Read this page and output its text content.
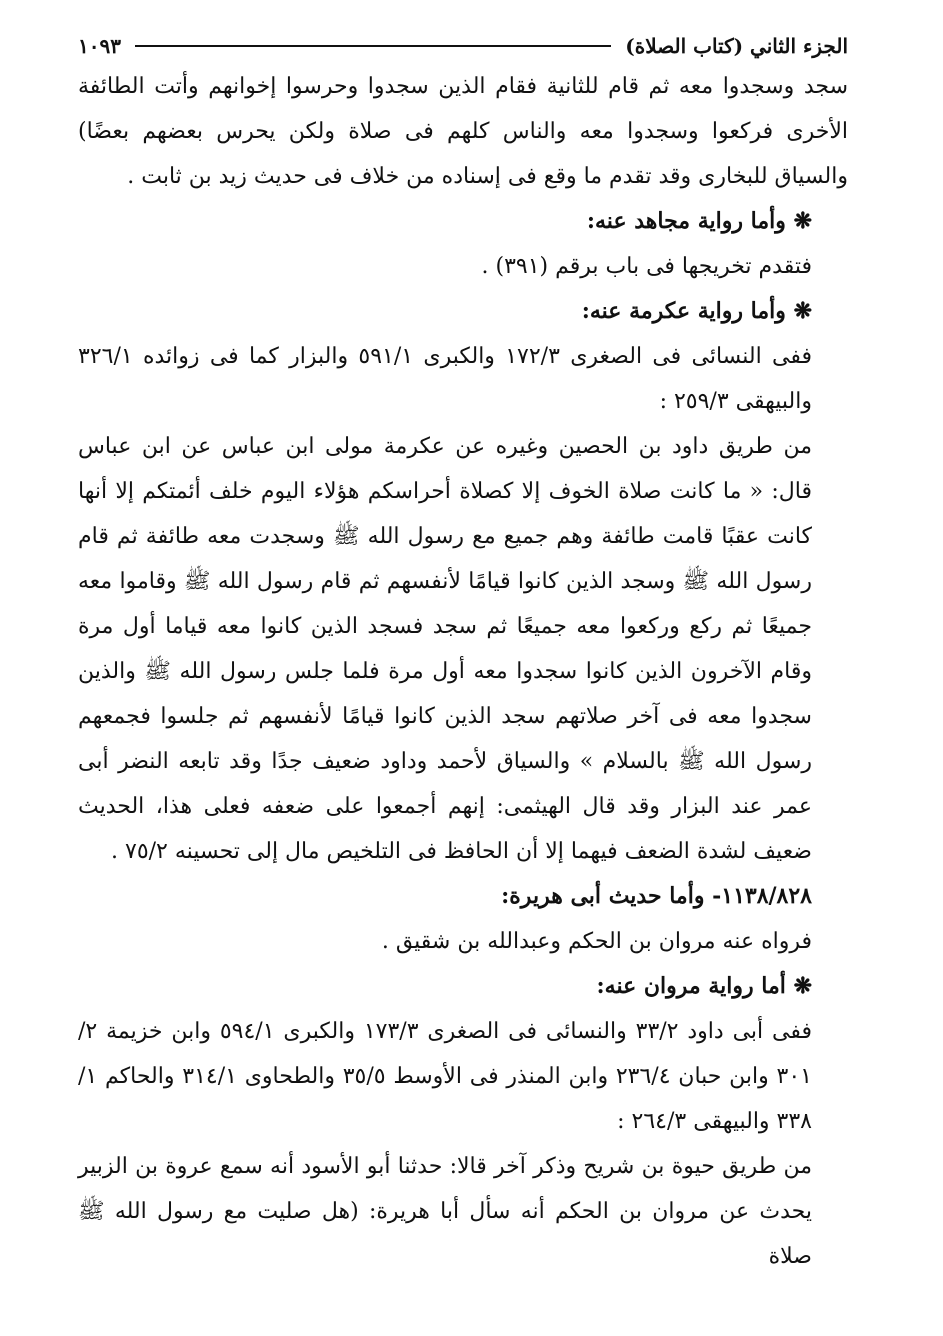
الجزء الثاني (كتاب الصلاة)
١٠٩٣

سجد وسجدوا معه ثم قام للثانية فقام الذين سجدوا وحرسوا إخوانهم وأتت الطائفة الأخرى فركعوا وسجدوا معه والناس كلهم فى صلاة ولكن يحرس بعضهم بعضًا) والسياق للبخارى وقد تقدم ما وقع فى إسناده من خلاف فى حديث زيد بن ثابت .

❋ وأما رواية مجاهد عنه:

فتقدم تخريجها فى باب برقم (٣٩١) .

❋ وأما رواية عكرمة عنه:

ففى النسائى فى الصغرى ١٧٢/٣ والكبرى ٥٩١/١ والبزار كما فى زوائده ٣٢٦/١ والبيهقى ٢٥٩/٣ :

من طريق داود بن الحصين وغيره عن عكرمة مولى ابن عباس عن ابن عباس قال: « ما كانت صلاة الخوف إلا كصلاة أحراسكم هؤلاء اليوم خلف أئمتكم إلا أنها كانت عقبًا قامت طائفة وهم جميع مع رسول الله ﷺ وسجدت معه طائفة ثم قام رسول الله ﷺ وسجد الذين كانوا قيامًا لأنفسهم ثم قام رسول الله ﷺ وقاموا معه جميعًا ثم ركع وركعوا معه جميعًا ثم سجد فسجد الذين كانوا معه قياما أول مرة وقام الآخرون الذين كانوا سجدوا معه أول مرة فلما جلس رسول الله ﷺ والذين سجدوا معه فى آخر صلاتهم سجد الذين كانوا قيامًا لأنفسهم ثم جلسوا فجمعهم رسول الله ﷺ بالسلام » والسياق لأحمد وداود ضعيف جدًا وقد تابعه النضر أبى عمر عند البزار وقد قال الهيثمى: إنهم أجمعوا على ضعفه فعلى هذا، الحديث ضعيف لشدة الضعف فيهما إلا أن الحافظ فى التلخيص مال إلى تحسينه ٧٥/٢ .

١١٣٨/٨٢٨- وأما حديث أبى هريرة:

فرواه عنه مروان بن الحكم وعبدالله بن شقيق .

❋ أما رواية مروان عنه:

ففى أبى داود ٣٣/٢ والنسائى فى الصغرى ١٧٣/٣ والكبرى ٥٩٤/١ وابن خزيمة ٢/ ٣٠١ وابن حبان ٢٣٦/٤ وابن المنذر فى الأوسط ٣٥/٥ والطحاوى ٣١٤/١ والحاكم ١/ ٣٣٨ والبيهقى ٢٦٤/٣ :

من طريق حيوة بن شريح وذكر آخر قالا: حدثنا أبو الأسود أنه سمع عروة بن الزبير يحدث عن مروان بن الحكم أنه سأل أبا هريرة: (هل صليت مع رسول الله ﷺ صلاة
